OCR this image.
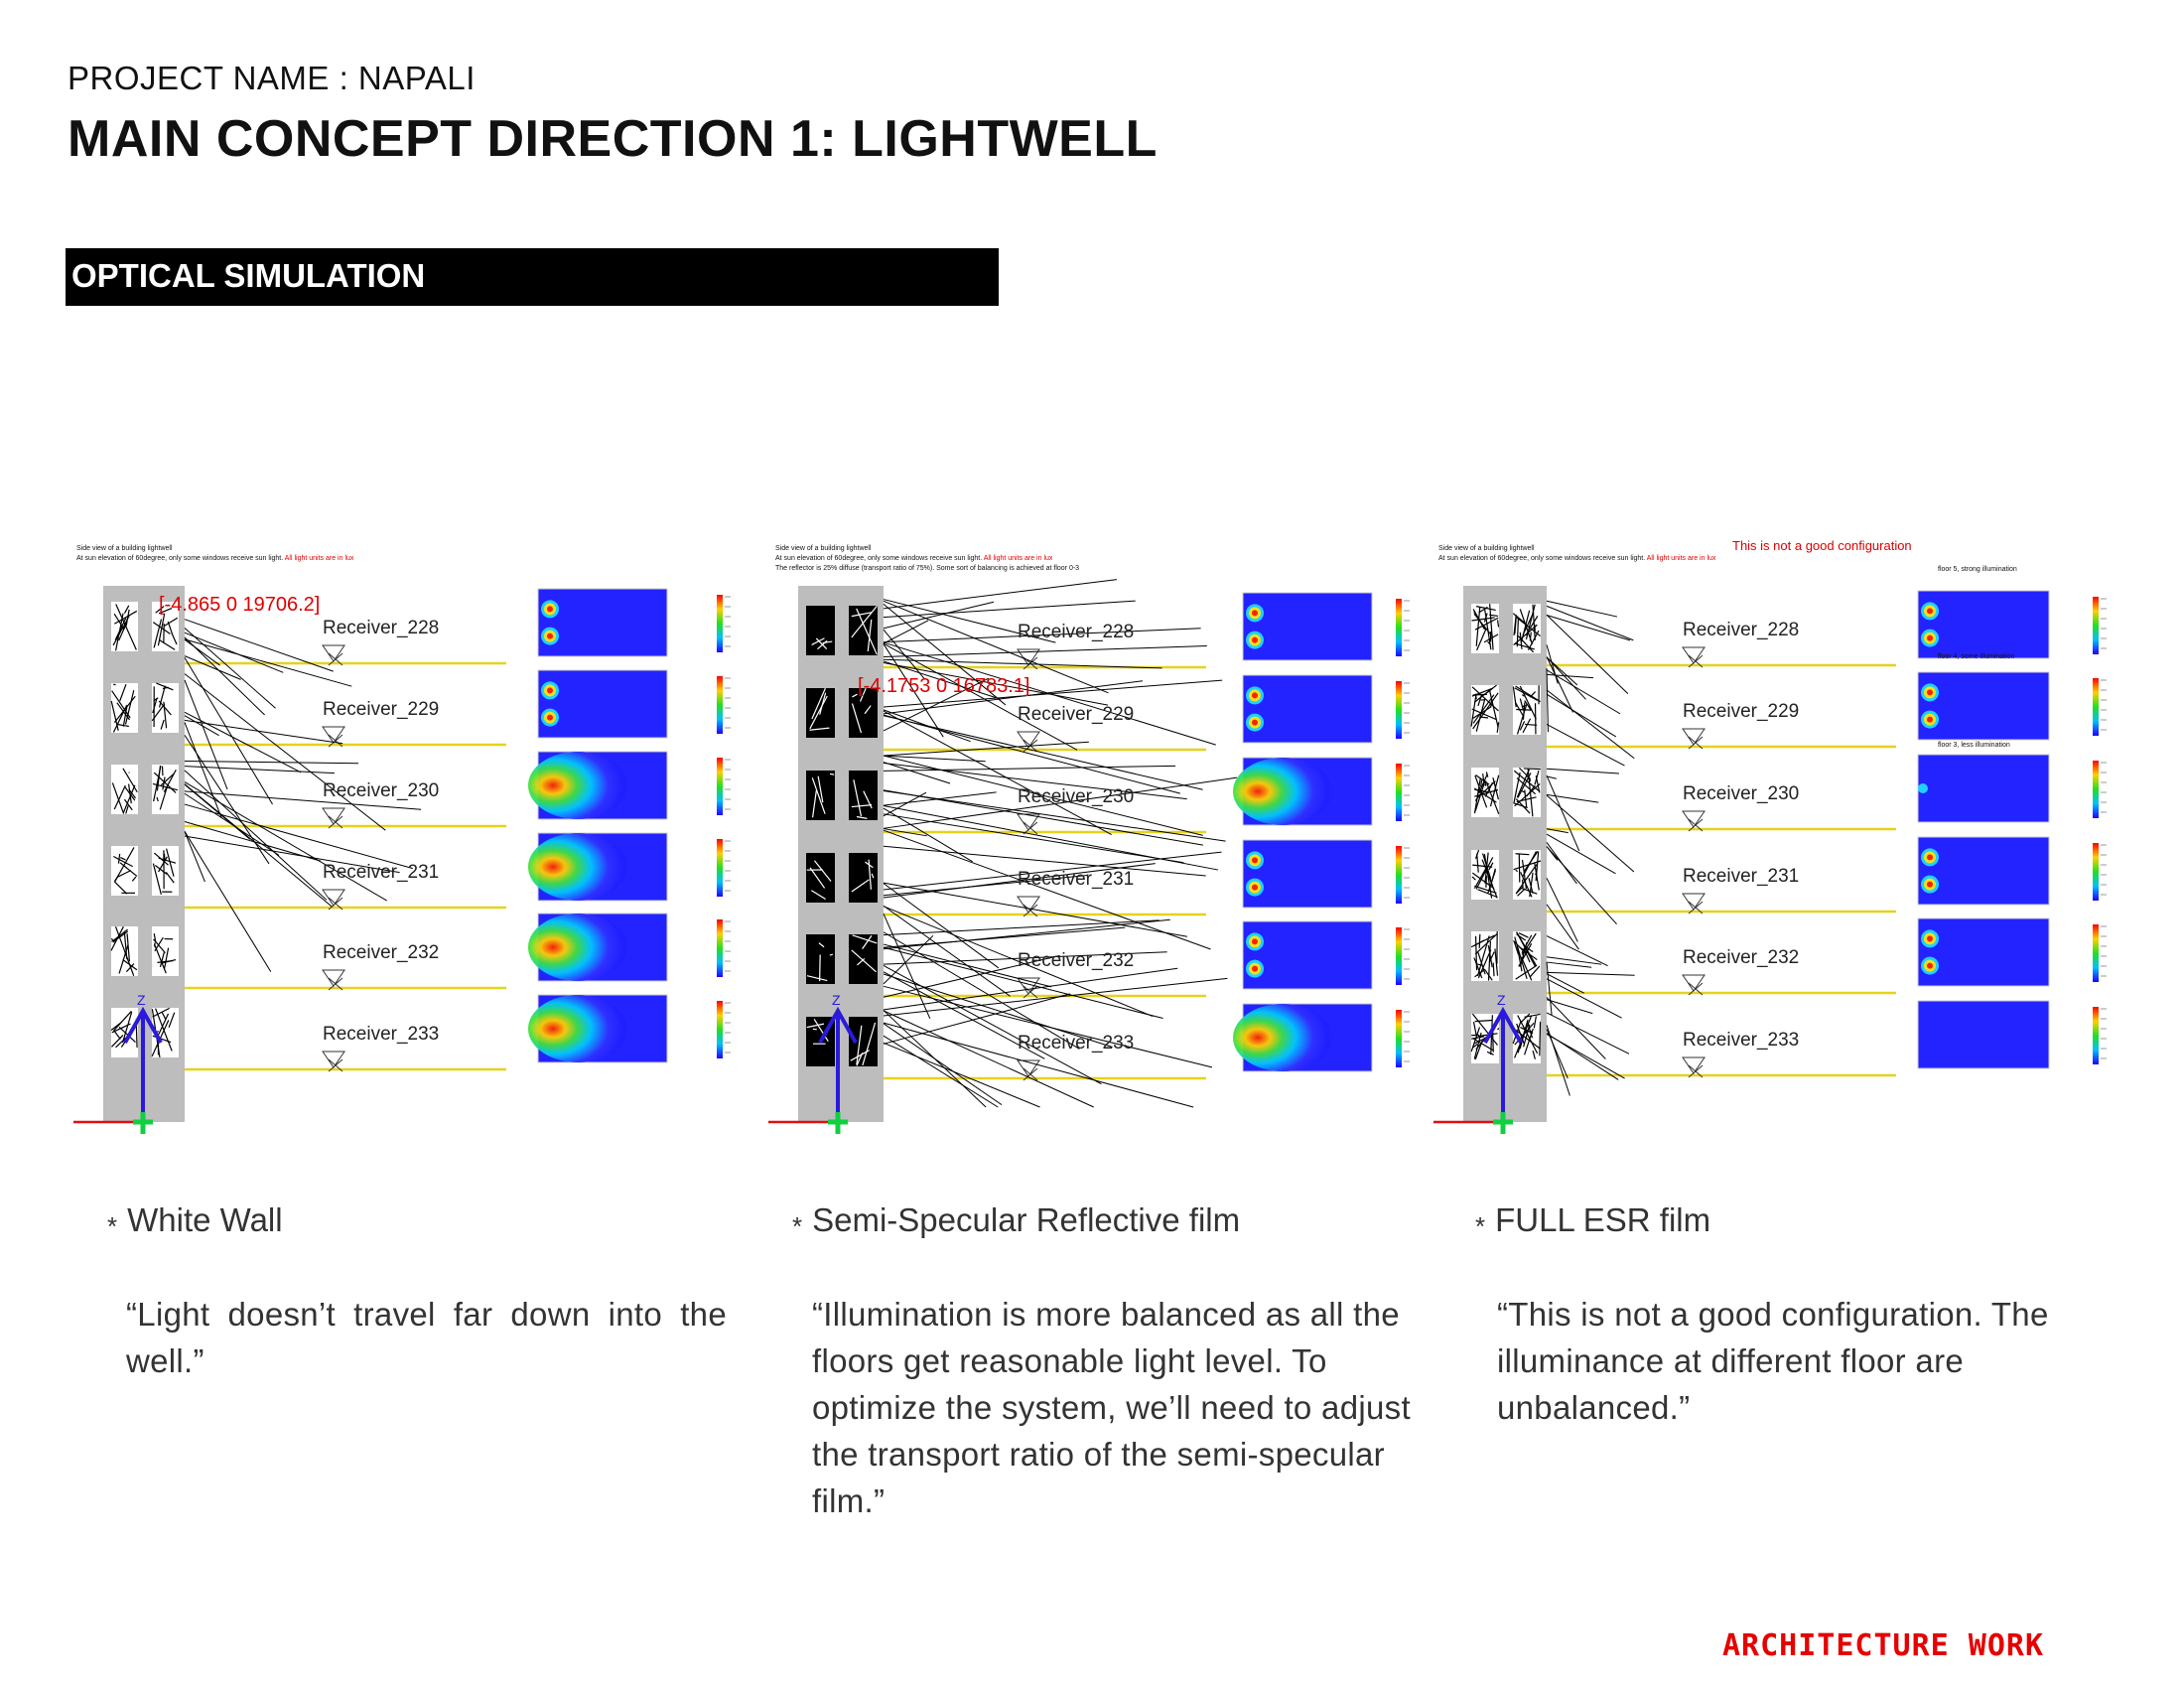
PROJECT NAME : NAPALI
MAIN CONCEPT DIRECTION 1: LIGHTWELL
OPTICAL SIMULATION
Z
Side view of a building lightwell
At sun elevation of 60degree, only some windows receive sun light. All light units are in lux
[-4.865 0 19706.2]
Receiver_228
Receiver_229
Receiver_230
Receiver_231
Receiver_232
Receiver_233
Z
Side view of a building lightwell
At sun elevation of 60degree, only some windows receive sun light. All light units are in lux
The reflector is 25% diffuse (transport ratio of 75%). Some sort of balancing is achieved at floor 0-3
[-4.1753 0 16783.1]
Receiver_228
Receiver_229
Receiver_230
Receiver_231
Receiver_232
Receiver_233
Z
Side view of a building lightwell
At sun elevation of 60degree, only some windows receive sun light. All light units are in lux
This is not a good configuration
floor 5, strong illumination
floor 4, some illumination
floor 3, less illumination
Receiver_228
Receiver_229
Receiver_230
Receiver_231
Receiver_232
Receiver_233
* White Wall	* Semi-Specular Reflective film	* FULL ESR film
“Light doesn’t travel far down into the well.”
“Illumination is more balanced as all the floors get reasonable light level. To optimize the system, we’ll need to adjust the transport ratio of the semi-specular film.”
“This is not a good configuration. The illuminance at different floor are unbalanced.”
ARCHITECTURE WORK
